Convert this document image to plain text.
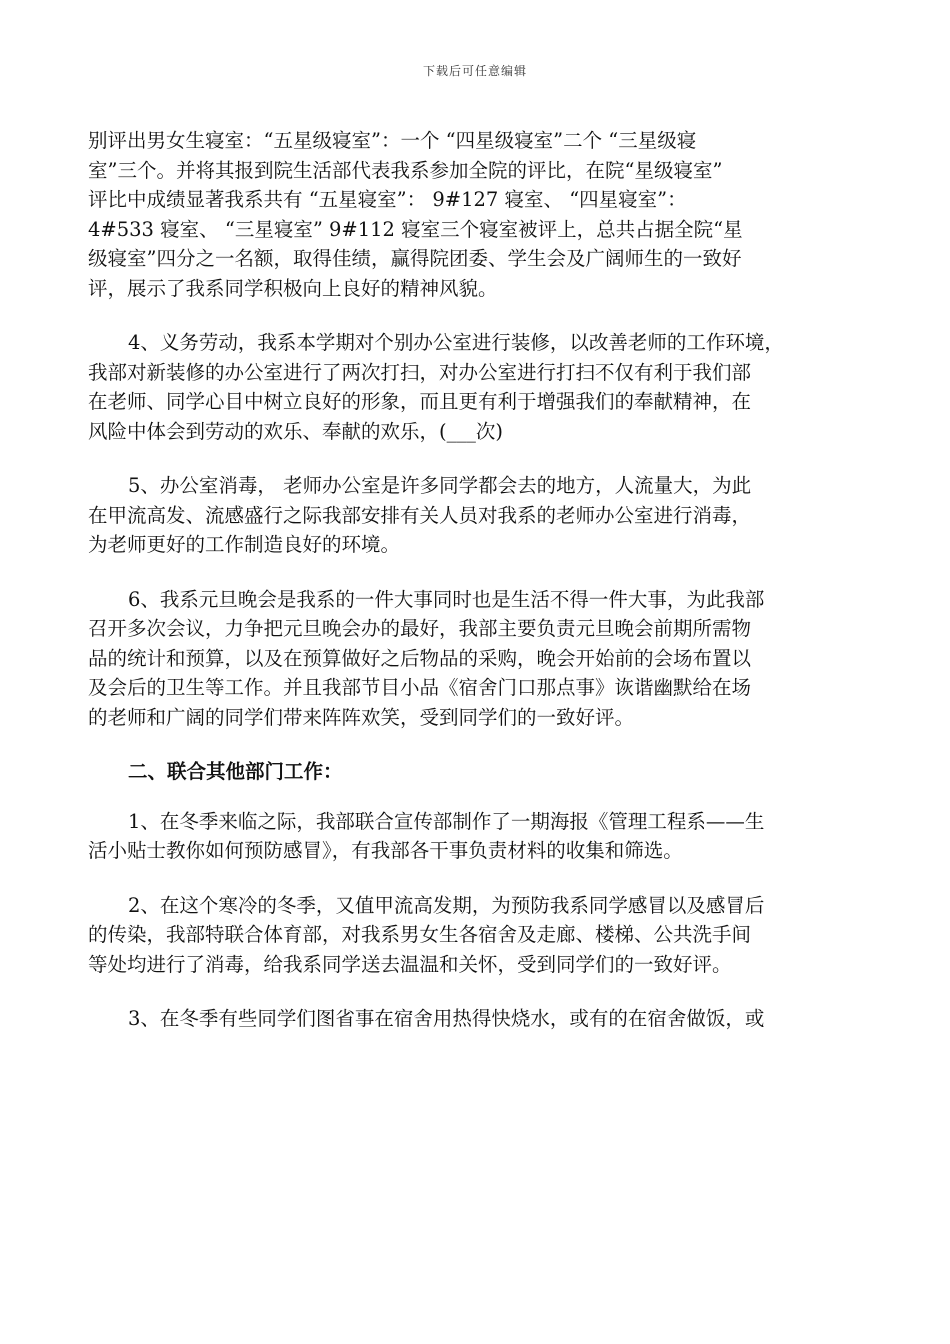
下载后可任意编辑
别评出男女生寝室：“五星级寝室”：一个 “四星级寝室”二个 “三星级寝
室”三个。并将其报到院生活部代表我系参加全院的评比，在院“星级寝室”
评比中成绩显著我系共有 “五星寝室”： 9#127 寝室、 “四星寝室”：
4#533 寝室、 “三星寝室” 9#112 寝室三个寝室被评上，总共占据全院“星
级寝室”四分之一名额，取得佳绩，赢得院团委、学生会及广阔师生的一致好
评，展示了我系同学积极向上良好的精神风貌。
4、义务劳动，我系本学期对个别办公室进行装修，以改善老师的工作环境，
我部对新装修的办公室进行了两次打扫，对办公室进行打扫不仅有利于我们部
在老师、同学心目中树立良好的形象，而且更有利于增强我们的奉献精神，在
风险中体会到劳动的欢乐、奉献的欢乐，(___次)
5、办公室消毒， 老师办公室是许多同学都会去的地方，人流量大，为此
在甲流高发、流感盛行之际我部安排有关人员对我系的老师办公室进行消毒，
为老师更好的工作制造良好的环境。
6、我系元旦晚会是我系的一件大事同时也是生活不得一件大事，为此我部
召开多次会议，力争把元旦晚会办的最好，我部主要负责元旦晚会前期所需物
品的统计和预算，以及在预算做好之后物品的采购，晚会开始前的会场布置以
及会后的卫生等工作。并且我部节目小品《宿舍门口那点事》诙谐幽默给在场
的老师和广阔的同学们带来阵阵欢笑，受到同学们的一致好评。
二、联合其他部门工作：
1、在冬季来临之际，我部联合宣传部制作了一期海报《管理工程系——生
活小贴士教你如何预防感冒》，有我部各干事负责材料的收集和筛选。
2、在这个寒冷的冬季，又值甲流高发期，为预防我系同学感冒以及感冒后
的传染，我部特联合体育部，对我系男女生各宿舍及走廊、楼梯、公共洗手间
等处均进行了消毒，给我系同学送去温温和关怀，受到同学们的一致好评。
3、在冬季有些同学们图省事在宿舍用热得快烧水，或有的在宿舍做饭，或
